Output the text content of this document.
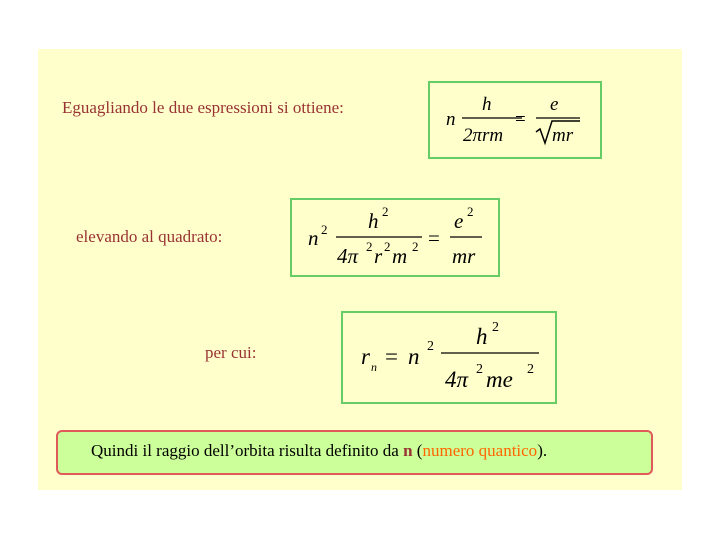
Eguagliando le due espressioni si ottiene:
elevando al quadrato:
per cui:
n
h
2πrm
=
e
mr
n 2 h 2
4π 2 r 2 m 2 =
e 2
mr
r n = n 2 h 2
4π 2 me 2
Quindi il raggio dell’orbita risulta definito da n (numero quantico).
